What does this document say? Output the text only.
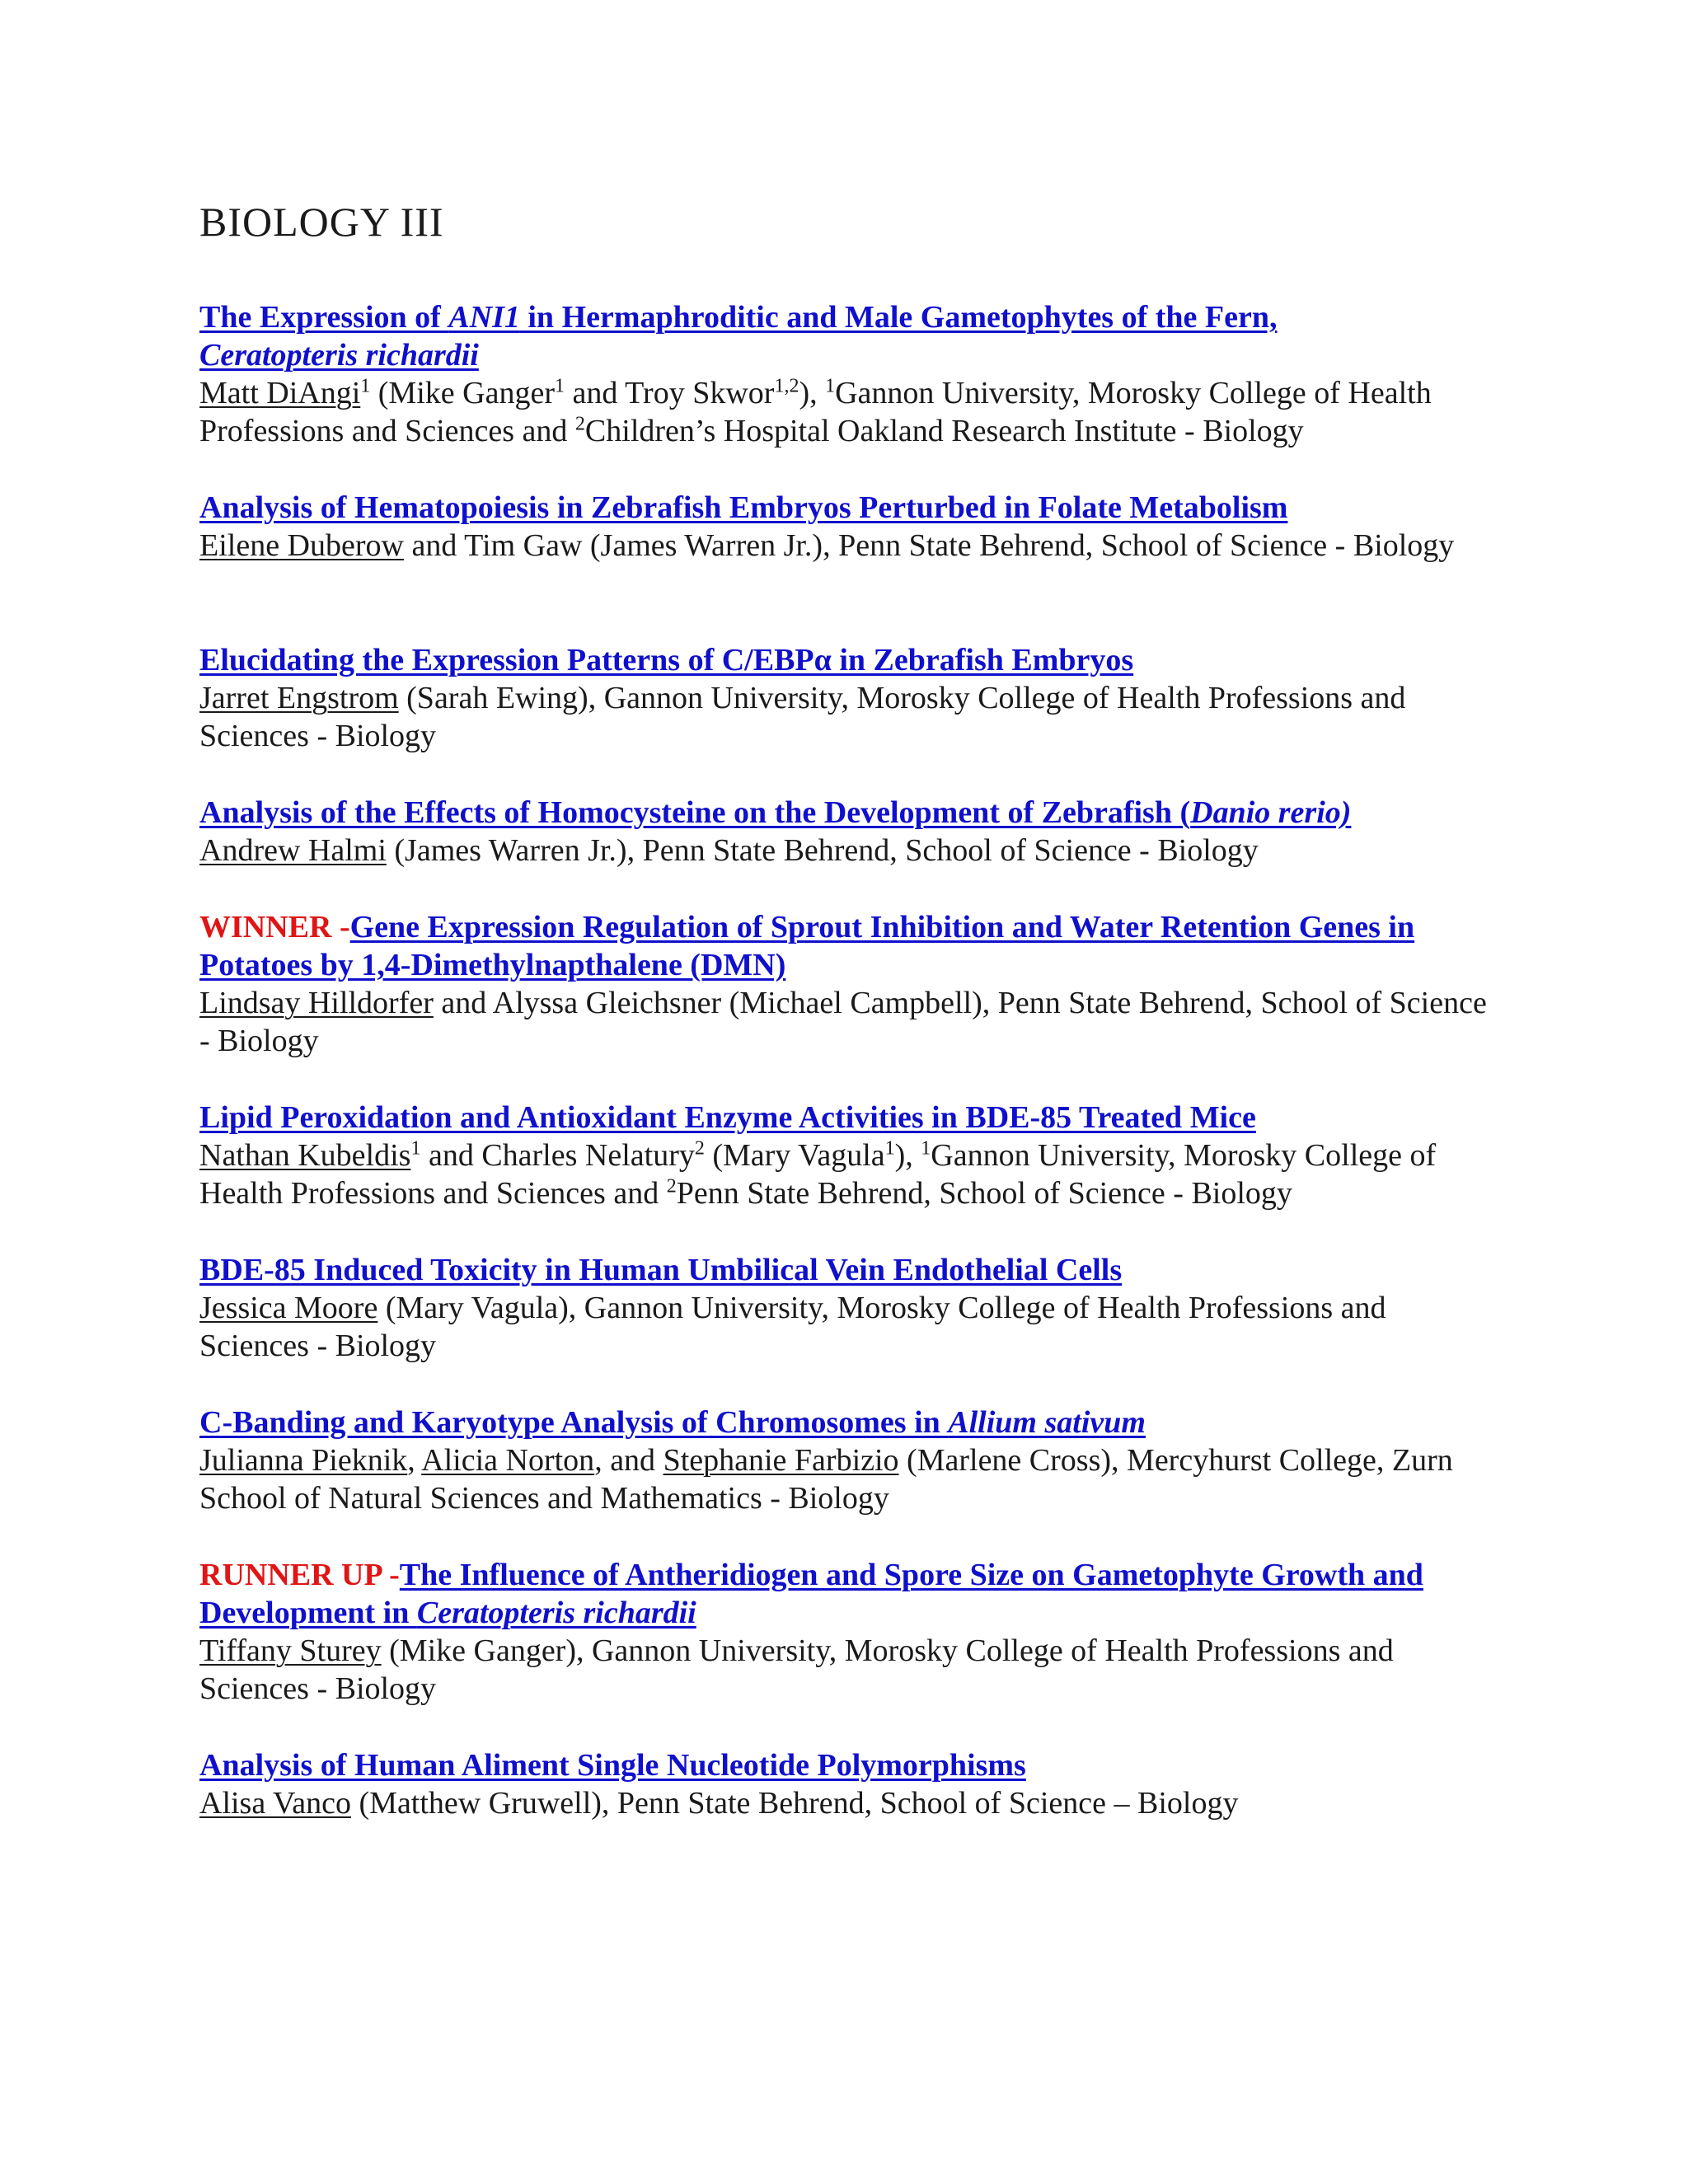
BIOLOGY III
The Expression of ANI1 in Hermaphroditic and Male Gametophytes of the Fern,
Ceratopteris richardii
Matt DiAngi$^1$ (Mike Ganger$^1$ and Troy Skwor$^{1,2}$), $^1$Gannon University, Morosky College of Health Professions and Sciences and $^2$Children’s Hospital Oakland Research Institute - Biology
Analysis of Hematopoiesis in Zebrafish Embryos Perturbed in Folate Metabolism
Eilene Duberow and Tim Gaw (James Warren Jr.), Penn State Behrend, School of Science - Biology
Elucidating the Expression Patterns of C/EBPα in Zebrafish Embryos
Jarret Engstrom (Sarah Ewing), Gannon University, Morosky College of Health Professions and Sciences - Biology
Analysis of the Effects of Homocysteine on the Development of Zebrafish (Danio rerio)
Andrew Halmi (James Warren Jr.), Penn State Behrend, School of Science - Biology
WINNER -Gene Expression Regulation of Sprout Inhibition and Water Retention Genes in Potatoes by 1,4-Dimethylnapthalene (DMN)
Lindsay Hilldorfer and Alyssa Gleichsner (Michael Campbell), Penn State Behrend, School of Science - Biology
Lipid Peroxidation and Antioxidant Enzyme Activities in BDE-85 Treated Mice
Nathan Kubeldis$^1$ and Charles Nelatury$^2$ (Mary Vagula$^1$), $^1$Gannon University, Morosky College of Health Professions and Sciences and $^2$Penn State Behrend, School of Science - Biology
BDE-85 Induced Toxicity in Human Umbilical Vein Endothelial Cells
Jessica Moore (Mary Vagula), Gannon University, Morosky College of Health Professions and Sciences - Biology
C-Banding and Karyotype Analysis of Chromosomes in Allium sativum
Julianna Pieknik, Alicia Norton, and Stephanie Farbizio (Marlene Cross), Mercyhurst College, Zurn School of Natural Sciences and Mathematics - Biology
RUNNER UP -The Influence of Antheridiogen and Spore Size on Gametophyte Growth and Development in Ceratopteris richardii
Tiffany Sturey (Mike Ganger), Gannon University, Morosky College of Health Professions and Sciences - Biology
Analysis of Human Aliment Single Nucleotide Polymorphisms
Alisa Vanco (Matthew Gruwell), Penn State Behrend, School of Science – Biology
